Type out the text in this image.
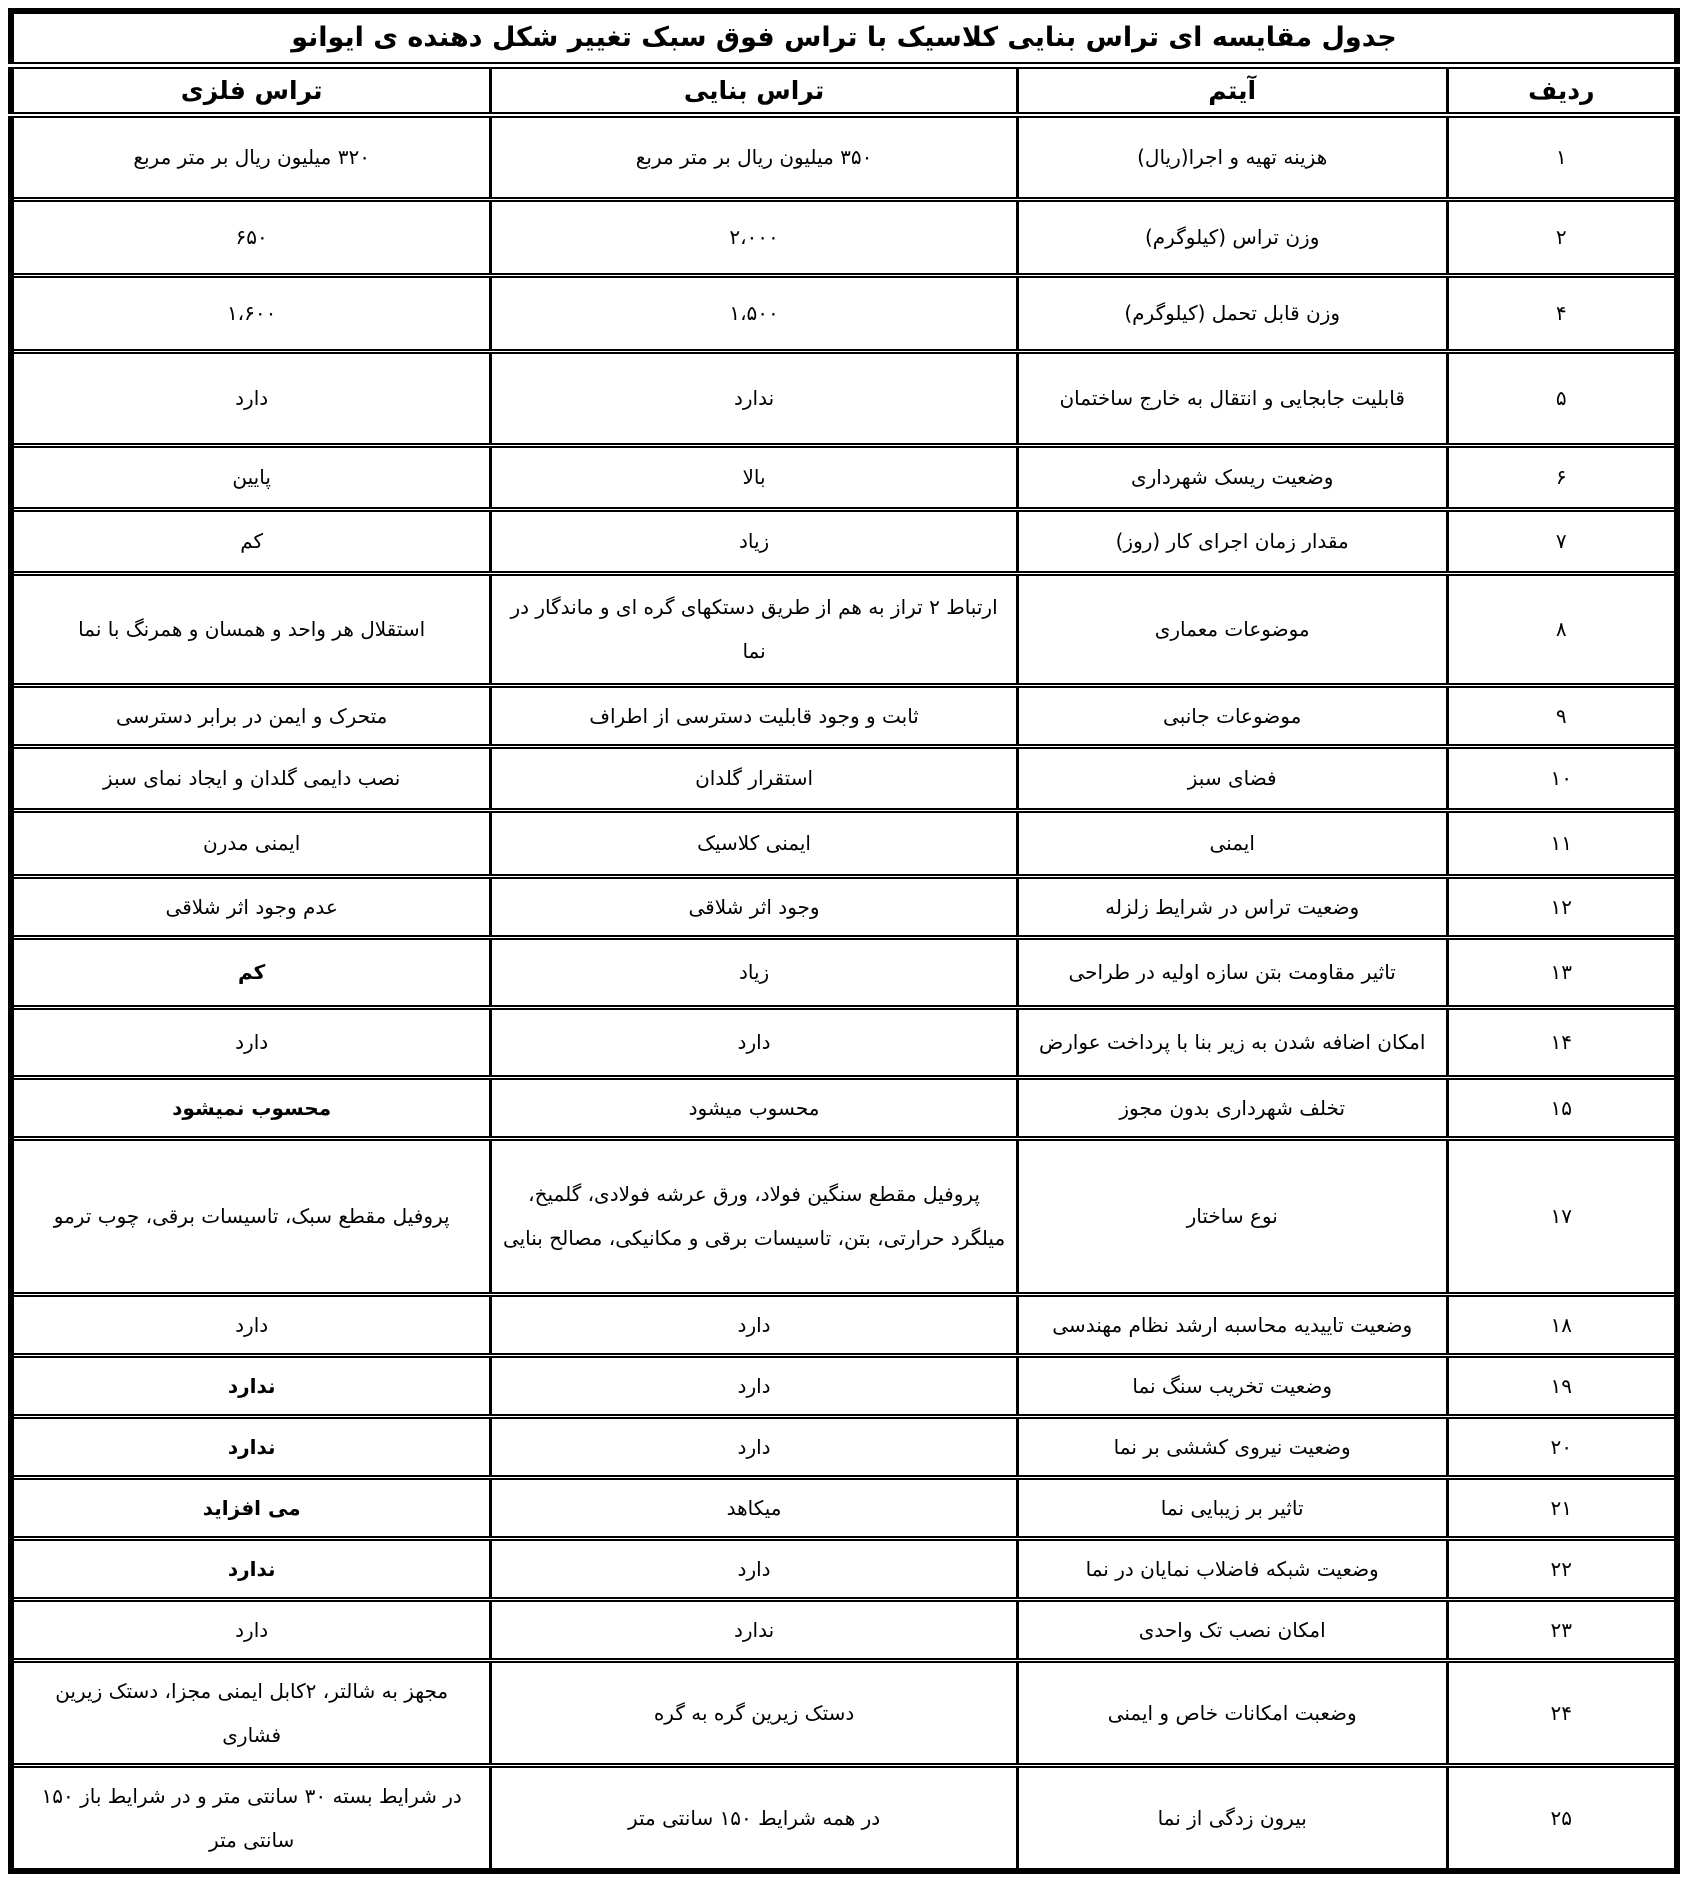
جدول مقایسه ای تراس بنایی کلاسیک با تراس فوق سبک تغییر شکل دهنده ی ایوانو			
ردیف	آیتم	تراس بنایی	تراس فلزی
۱	هزینه تهیه و اجرا(ریال)	۳۵۰ میلیون ریال بر متر مربع	۳۲۰ میلیون ریال بر متر مربع
۲	وزن تراس (کیلوگرم)	۲،۰۰۰	۶۵۰
۴	وزن قابل تحمل (کیلوگرم)	۱،۵۰۰	۱،۶۰۰
۵	قابلیت جابجایی و انتقال به خارج ساختمان	ندارد	دارد
۶	وضعیت ریسک شهرداری	بالا	پایین
۷	مقدار زمان اجرای کار (روز)	زیاد	کم
۸	موضوعات معماری	ارتباط ۲ تراز به هم از طریق دستکهای گره ای و ماندگار در نما	استقلال هر واحد و همسان و همرنگ با نما
۹	موضوعات جانبی	ثابت و وجود قابلیت دسترسی از اطراف	متحرک و ایمن در برابر دسترسی
۱۰	فضای سبز	استقرار گلدان	نصب دایمی گلدان و ایجاد نمای سبز
۱۱	ایمنی	ایمنی کلاسیک	ایمنی مدرن
۱۲	وضعیت تراس در شرایط زلزله	وجود اثر شلاقی	عدم وجود اثر شلاقی
۱۳	تاثیر مقاومت بتن سازه اولیه در طراحی	زیاد	کم
۱۴	امکان اضافه شدن به زیر بنا با پرداخت عوارض	دارد	دارد
۱۵	تخلف شهرداری بدون مجوز	محسوب میشود	محسوب نمیشود
۱۷	نوع ساختار	پروفیل مقطع سنگین فولاد، ورق عرشه فولادی، گلمیخ، میلگرد حرارتی، بتن، تاسیسات برقی و مکانیکی، مصالح بنایی	پروفیل مقطع سبک، تاسیسات برقی، چوب ترمو
۱۸	وضعیت تاییدیه محاسبه ارشد نظام مهندسی	دارد	دارد
۱۹	وضعیت تخریب سنگ نما	دارد	ندارد
۲۰	وضعیت نیروی کششی بر نما	دارد	ندارد
۲۱	تاثیر بر زیبایی نما	میکاهد	می افزاید
۲۲	وضعیت شبکه فاضلاب نمایان در نما	دارد	ندارد
۲۳	امکان نصب تک واحدی	ندارد	دارد
۲۴	وضعبت امکانات خاص و ایمنی	دستک زیرین گره به گره	مجهز به شالتر، ۲کابل ایمنی مجزا، دستک زیرین فشاری
۲۵	بیرون زدگی از نما	در همه شرایط ۱۵۰ سانتی متر	در شرایط بسته ۳۰ سانتی متر و در شرایط باز ۱۵۰ سانتی متر
